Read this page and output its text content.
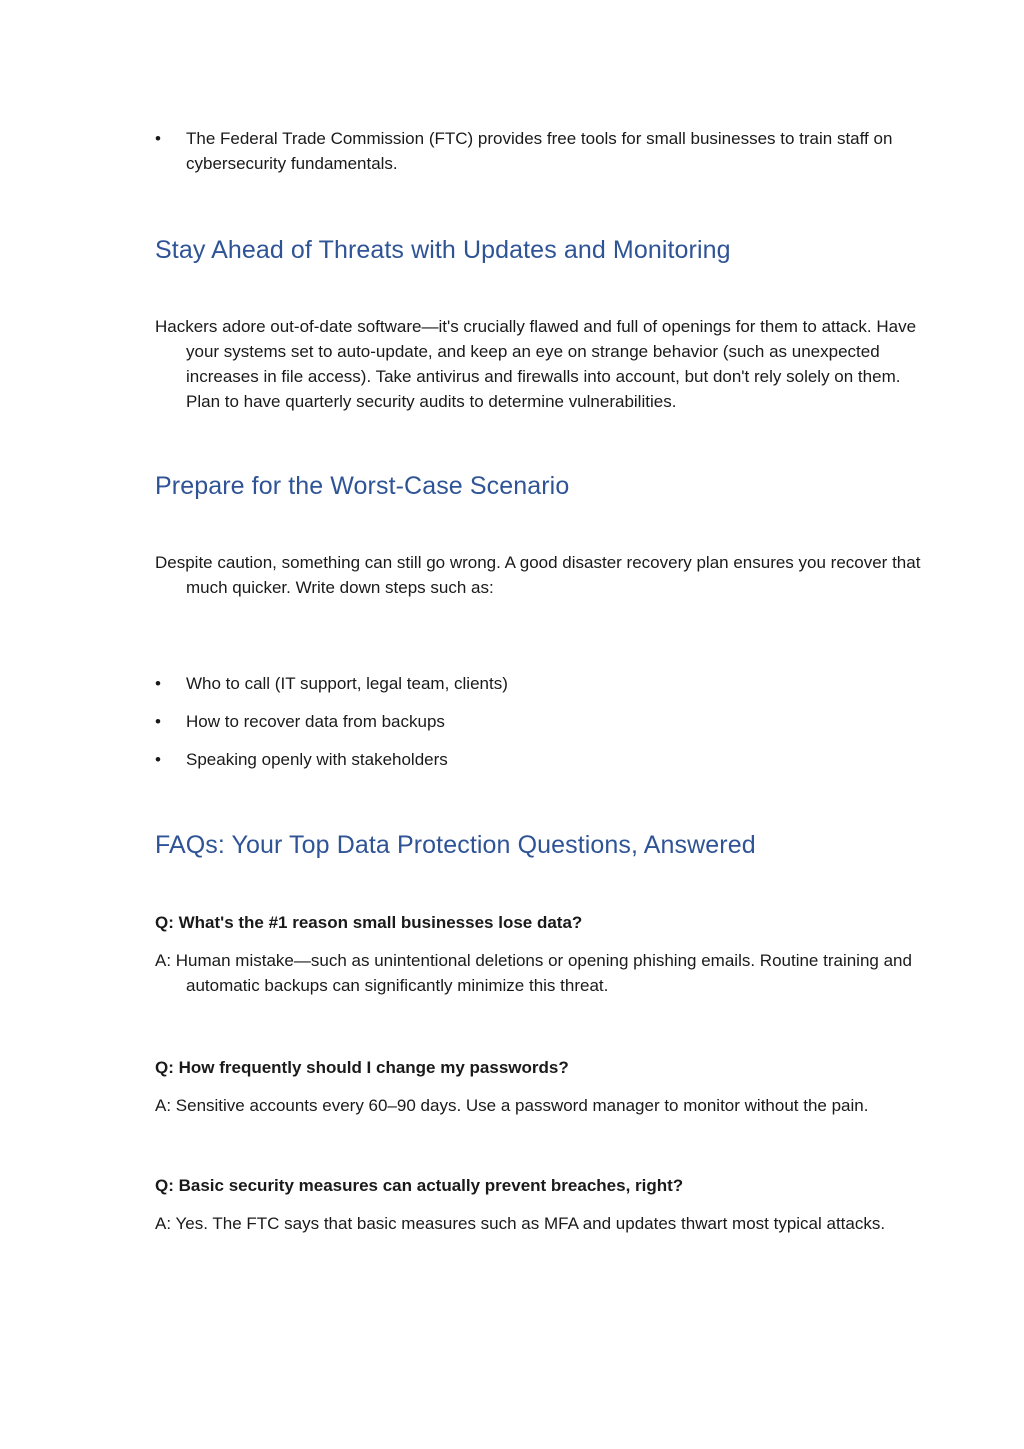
•	The Federal Trade Commission (FTC) provides free tools for small businesses to train staff on cybersecurity fundamentals.
Stay Ahead of Threats with Updates and Monitoring

Hackers adore out-of-date software—it's crucially flawed and full of openings for them to attack. Have your systems set to auto-update, and keep an eye on strange behavior (such as unexpected increases in file access). Take antivirus and firewalls into account, but don't rely solely on them. Plan to have quarterly security audits to determine vulnerabilities.

Prepare for the Worst-Case Scenario

Despite caution, something can still go wrong. A good disaster recovery plan ensures you recover that much quicker. Write down steps such as:

•	Who to call (IT support, legal team, clients)
•	How to recover data from backups
•	Speaking openly with stakeholders
FAQs: Your Top Data Protection Questions, Answered

Q: What's the #1 reason small businesses lose data?

A: Human mistake—such as unintentional deletions or opening phishing emails. Routine training and automatic backups can significantly minimize this threat.

Q: How frequently should I change my passwords?

A: Sensitive accounts every 60–90 days. Use a password manager to monitor without the pain.

Q: Basic security measures can actually prevent breaches, right?

A: Yes. The FTC says that basic measures such as MFA and updates thwart most typical attacks.
